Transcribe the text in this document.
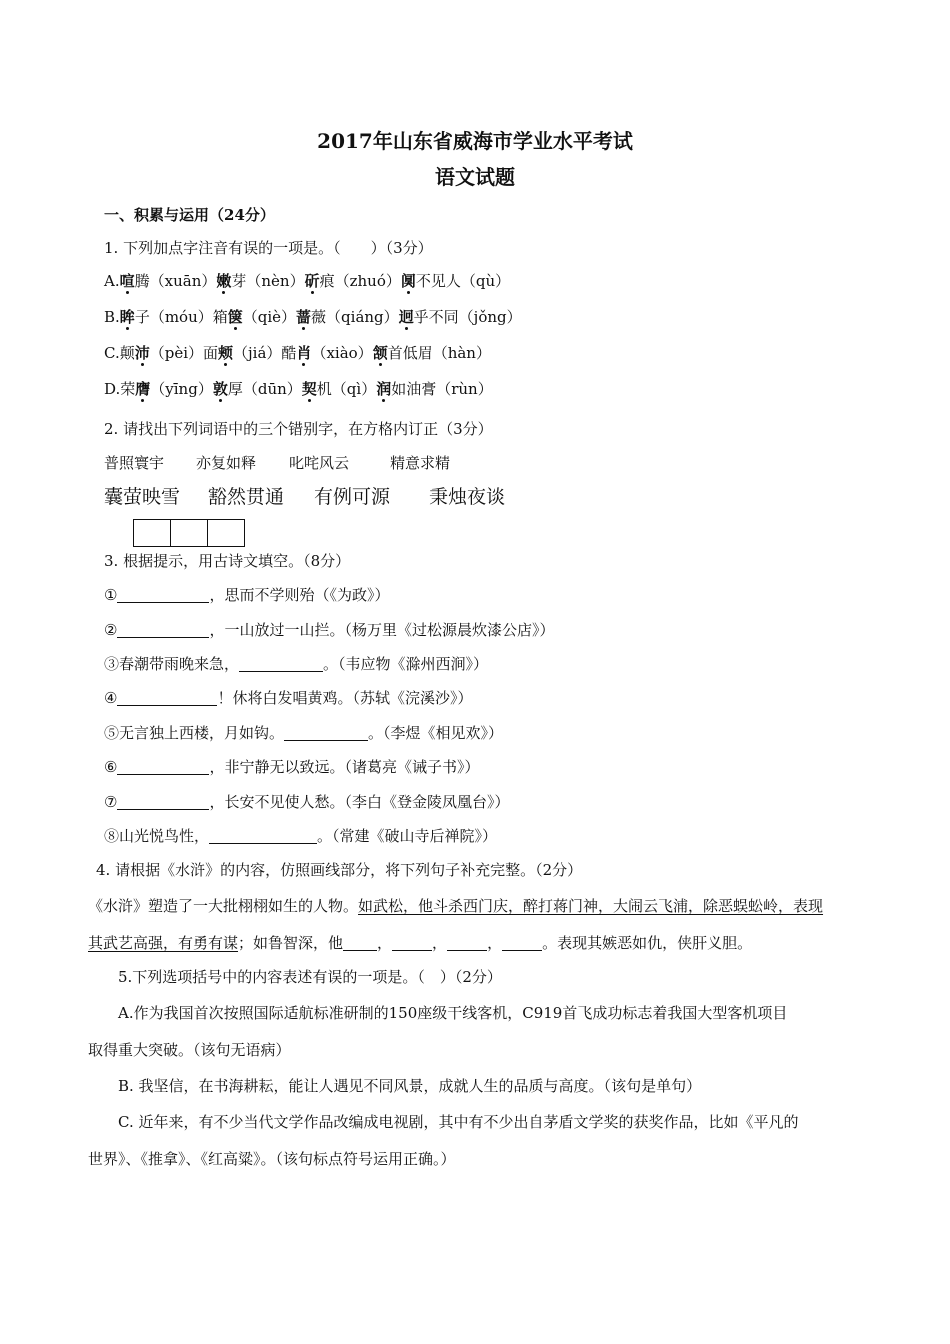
2017年山东省威海市学业水平考试
语文试题
一、积累与运用（24分）
1. 下列加点字注音有误的一项是。（　　）（3分）
A.喧腾（xuān）嫩芽（nèn）斫痕（zhuó）阒不见人（qù）
B.眸子（móu）箱箧（qiè）蔷薇（qiáng）迥乎不同（jǒng）
C.颠沛（pèi）面颊（jiá）酷肖（xiào）颔首低眉（hàn）
D.荣膺（yīng）敦厚（dūn）契机（qì）润如油膏（rùn）
2. 请找出下列词语中的三个错别字，在方格内订正（3分）
普照寰宇 亦复如释 叱咤风云	精意求精
囊萤映雪 豁然贯通 有例可源 秉烛夜谈
3. 根据提示，用古诗文填空。（8分）
①	，思而不学则殆（《为政》）
②	，一山放过一山拦。（杨万里《过松源晨炊漆公店》）
③春潮带雨晚来急，	。（韦应物《滁州西涧》）
④	！休将白发唱黄鸡。（苏轼《浣溪沙》）
⑤无言独上西楼，月如钩。	。（李煜《相见欢》）
⑥	，非宁静无以致远。（诸葛亮《诫子书》）
⑦	，长安不见使人愁。（李白《登金陵凤凰台》）
⑧山光悦鸟性，	。（常建《破山寺后禅院》）
4. 请根据《水浒》的内容，仿照画线部分，将下列句子补充完整。（2分）
《水浒》塑造了一大批栩栩如生的人物。如武松，他斗杀西门庆，醉打蒋门神，大闹云飞浦，除恶蜈蚣岭，表现
其武艺高强，有勇有谋；如鲁智深，他 ，	，	，	。表现其嫉恶如仇，侠肝义胆。
5.下列选项括号中的内容表述有误的一项是。（　）（2分）
A.作为我国首次按照国际适航标准研制的150座级干线客机，C919首飞成功标志着我国大型客机项目
取得重大突破。（该句无语病）
B. 我坚信，在书海耕耘，能让人遇见不同风景，成就人生的品质与高度。（该句是单句）
C. 近年来，有不少当代文学作品改编成电视剧，其中有不少出自茅盾文学奖的获奖作品，比如《平凡的
世界》、《推拿》、《红高粱》。（该句标点符号运用正确。）
